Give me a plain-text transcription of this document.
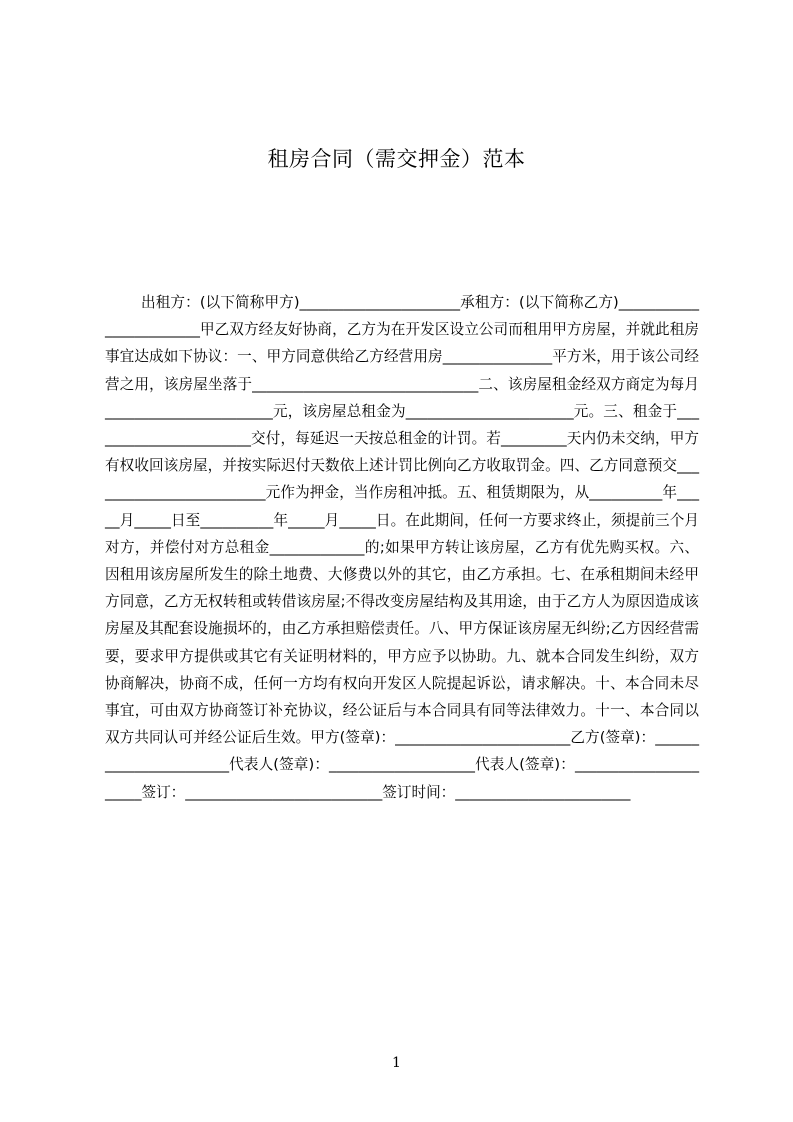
租房合同（需交押金）范本
出租方：(以下简称甲方)______________________承租方：(以下简称乙方)________________________甲乙双方经友好协商，乙方为在开发区设立公司而租用甲方房屋，并就此租房事宜达成如下协议：一、甲方同意供给乙方经营用房_______________平方米，用于该公司经营之用，该房屋坐落于_______________________________二、该房屋租金经双方商定为每月_______________________元，该房屋总租金为_______________________元。三、租金于_______________________交付，每延迟一天按总租金的计罚。若_________天内仍未交纳，甲方有权收回该房屋，并按实际迟付天数依上述计罚比例向乙方收取罚金。四、乙方同意预交_________________________元作为押金，当作房租冲抵。五、租赁期限为，从__________年_____月_____日至__________年_____月_____日。在此期间，任何一方要求终止，须提前三个月对方，并偿付对方总租金_____________的;如果甲方转让该房屋，乙方有优先购买权。六、因租用该房屋所发生的除土地费、大修费以外的其它，由乙方承担。七、在承租期间未经甲方同意，乙方无权转租或转借该房屋;不得改变房屋结构及其用途，由于乙方人为原因造成该房屋及其配套设施损坏的，由乙方承担赔偿责任。八、甲方保证该房屋无纠纷;乙方因经营需要，要求甲方提供或其它有关证明材料的，甲方应予以协助。九、就本合同发生纠纷，双方协商解决，协商不成，任何一方均有权向开发区人院提起诉讼，请求解决。十、本合同未尽事宜，可由双方协商签订补充协议，经公证后与本合同具有同等法律效力。十一、本合同以双方共同认可并经公证后生效。甲方(签章)：________________________乙方(签章)：_______________________代表人(签章)：____________________代表人(签章)：______________________签订：___________________________签订时间：________________________
1
